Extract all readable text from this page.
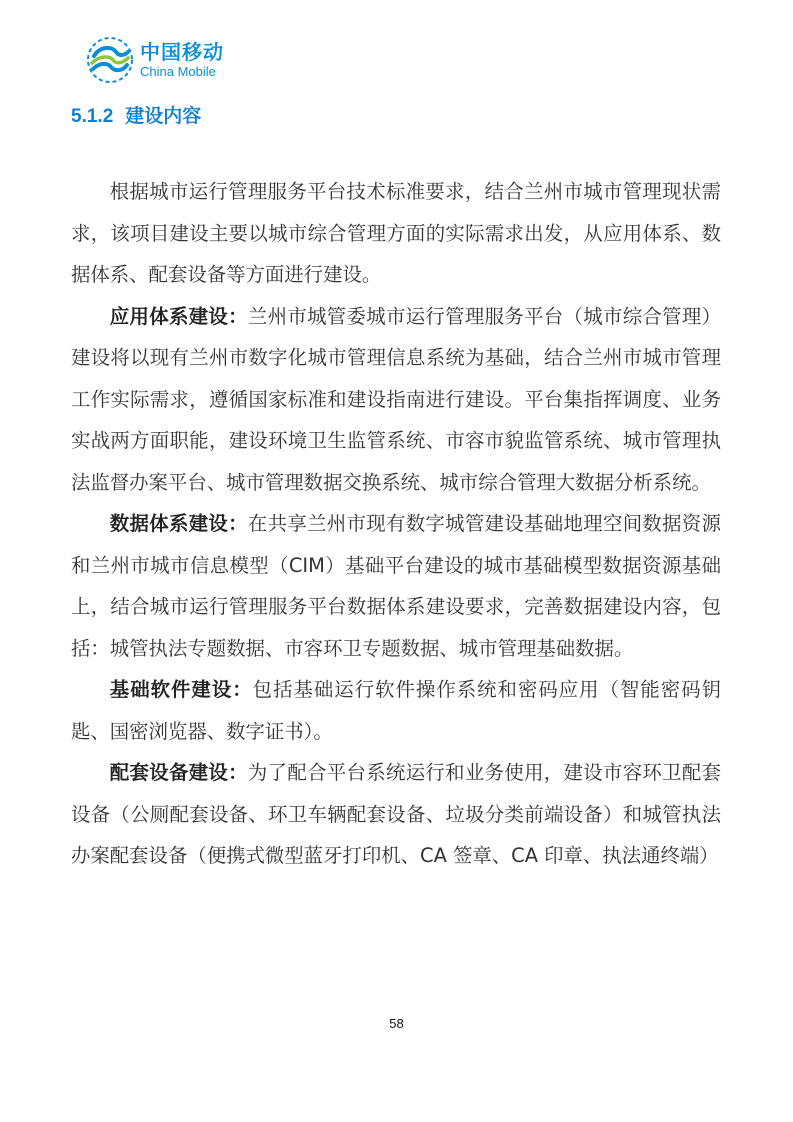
中国移动
China Mobile
5.1.2 建设内容

根据城市运行管理服务平台技术标准要求，结合兰州市城市管理现状需求，该项目建设主要以城市综合管理方面的实际需求出发，从应用体系、数据体系、配套设备等方面进行建设。

应用体系建设：兰州市城管委城市运行管理服务平台（城市综合管理）建设将以现有兰州市数字化城市管理信息系统为基础，结合兰州市城市管理工作实际需求，遵循国家标准和建设指南进行建设。平台集指挥调度、业务实战两方面职能，建设环境卫生监管系统、市容市貌监管系统、城市管理执法监督办案平台、城市管理数据交换系统、城市综合管理大数据分析系统。

数据体系建设：在共享兰州市现有数字城管建设基础地理空间数据资源和兰州市城市信息模型（CIM）基础平台建设的城市基础模型数据资源基础上，结合城市运行管理服务平台数据体系建设要求，完善数据建设内容，包括：城管执法专题数据、市容环卫专题数据、城市管理基础数据。

基础软件建设：包括基础运行软件操作系统和密码应用（智能密码钥匙、国密浏览器、数字证书）。

配套设备建设：为了配合平台系统运行和业务使用，建设市容环卫配套设备（公厕配套设备、环卫车辆配套设备、垃圾分类前端设备）和城管执法办案配套设备（便携式微型蓝牙打印机、CA 签章、CA 印章、执法通终端）

58
